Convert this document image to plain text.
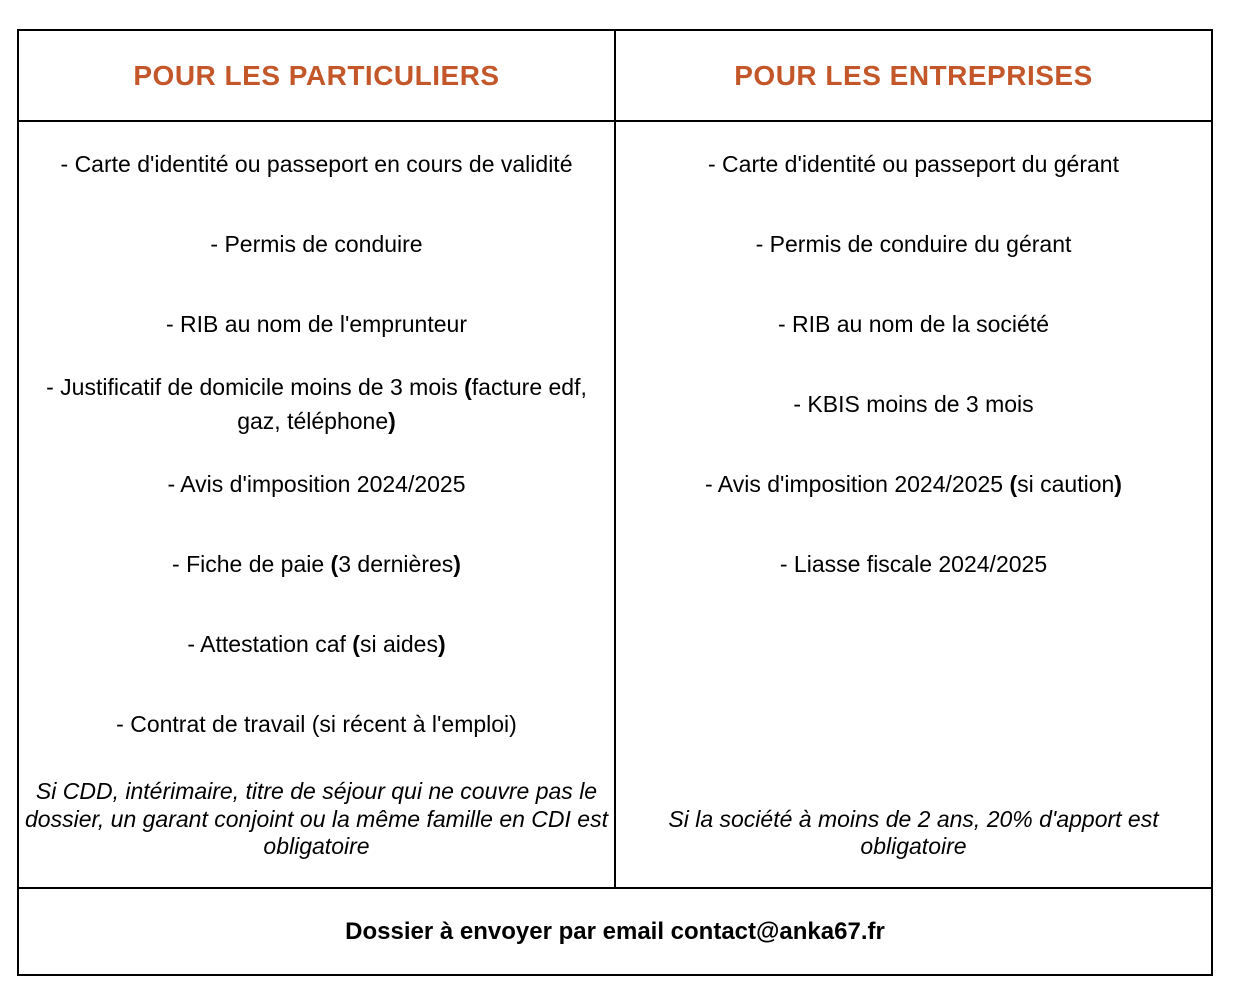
POUR LES PARTICULIERS	POUR LES ENTREPRISES

- Carte d'identité ou passeport en cours de validité

- Permis de conduire

- RIB au nom de l'emprunteur

- Justificatif de domicile moins de 3 mois (facture edf, gaz, téléphone)

- Avis d'imposition 2024/2025

- Fiche de paie (3 dernières)

- Attestation caf (si aides)

- Contrat de travail (si récent à l'emploi)

Si CDD, intérimaire, titre de séjour qui ne couvre pas le dossier, un garant conjoint ou la même famille en CDI est obligatoire

- Carte d'identité ou passeport du gérant

- Permis de conduire du gérant

- RIB au nom de la société

- KBIS moins de 3 mois

- Avis d'imposition 2024/2025 (si caution)

- Liasse fiscale 2024/2025

Si la société à moins de 2 ans, 20% d'apport est obligatoire

Dossier à envoyer par email contact@anka67.fr
